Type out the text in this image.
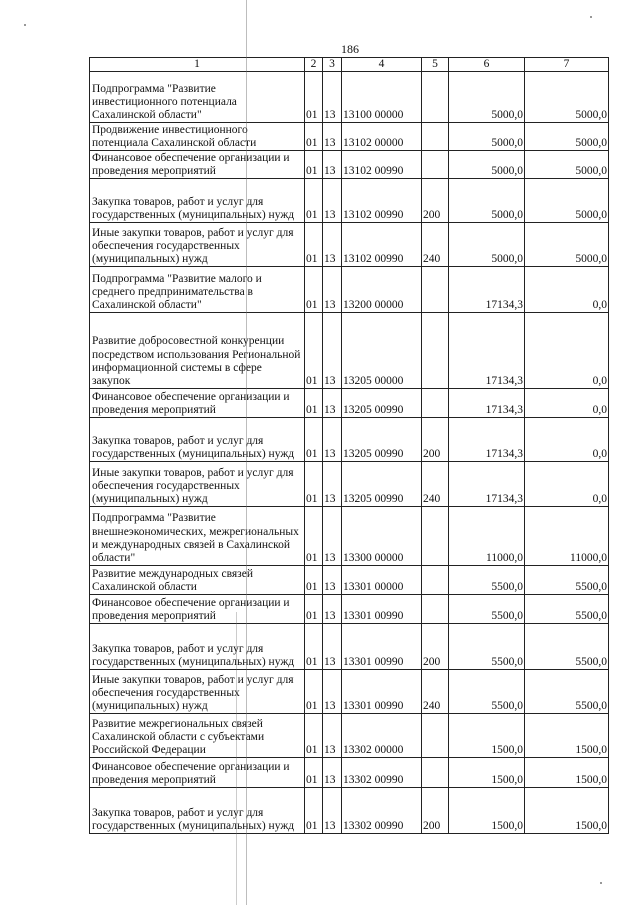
186
1	2	3	4	5	6	7
Подпрограмма "Развитие инвестиционного потенциала Сахалинской области"	01	13	13100 00000		5000,0	5000,0
Продвижение инвестиционного потенциала Сахалинской области	01	13	13102 00000		5000,0	5000,0
Финансовое обеспечение организации и проведения мероприятий	01	13	13102 00990		5000,0	5000,0
Закупка товаров, работ и услуг для государственных (муниципальных) нужд	01	13	13102 00990	200	5000,0	5000,0
Иные закупки товаров, работ и услуг для обеспечения государственных (муниципальных) нужд	01	13	13102 00990	240	5000,0	5000,0
Подпрограмма "Развитие малого и среднего предпринимательства в Сахалинской области"	01	13	13200 00000		17134,3	0,0
Развитие добросовестной конкуренции посредством использования Региональной информационной системы в сфере закупок	01	13	13205 00000		17134,3	0,0
Финансовое обеспечение организации и проведения мероприятий	01	13	13205 00990		17134,3	0,0
Закупка товаров, работ и услуг для государственных (муниципальных) нужд	01	13	13205 00990	200	17134,3	0,0
Иные закупки товаров, работ и услуг для обеспечения государственных (муниципальных) нужд	01	13	13205 00990	240	17134,3	0,0
Подпрограмма "Развитие внешнеэкономических, межрегиональных и международных связей в Сахалинской области"	01	13	13300 00000		11000,0	11000,0
Развитие международных связей Сахалинской области	01	13	13301 00000		5500,0	5500,0
Финансовое обеспечение организации и проведения мероприятий	01	13	13301 00990		5500,0	5500,0
Закупка товаров, работ и услуг для государственных (муниципальных) нужд	01	13	13301 00990	200	5500,0	5500,0
Иные закупки товаров, работ и услуг для обеспечения государственных (муниципальных) нужд	01	13	13301 00990	240	5500,0	5500,0
Развитие межрегиональных связей Сахалинской области с субъектами Российской Федерации	01	13	13302 00000		1500,0	1500,0
Финансовое обеспечение организации и проведения мероприятий	01	13	13302 00990		1500,0	1500,0
Закупка товаров, работ и услуг для государственных (муниципальных) нужд	01	13	13302 00990	200	1500,0	1500,0
